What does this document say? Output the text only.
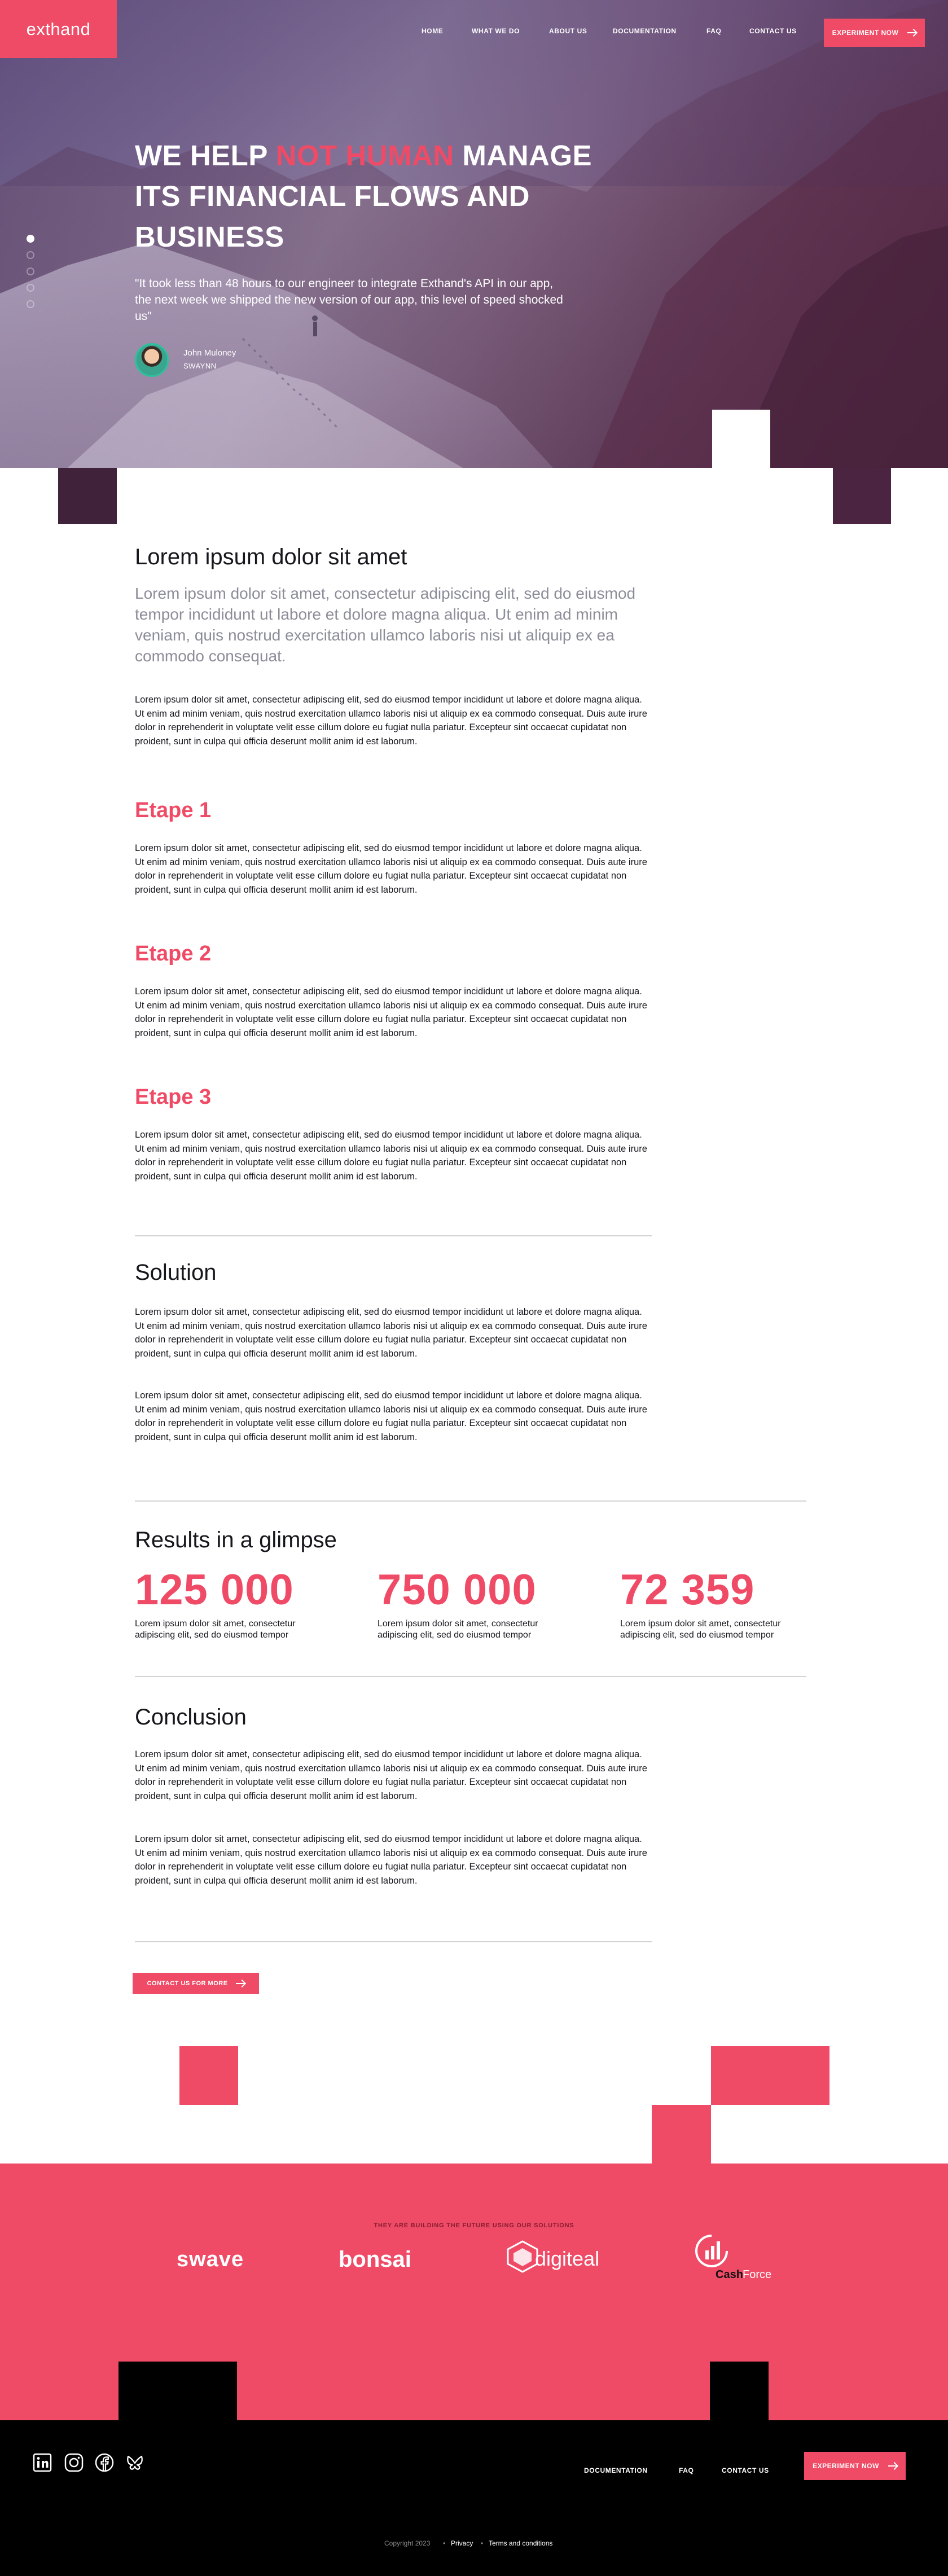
exthand	HOME	WHAT WE DO	ABOUT US	DOCUMENTATION	FAQ	CONTACT US	EXPERIMENT NOW
WE HELP NOT HUMAN MANAGE ITS FINANCIAL FLOWS AND BUSINESS

"It took less than 48 hours to our engineer to integrate Exthand's API in our app, the next week we shipped the new version of our app, this level of speed shocked us"

John Muloney
SWAYNN
Lorem ipsum dolor sit amet

Lorem ipsum dolor sit amet, consectetur adipiscing elit, sed do eiusmod tempor incididunt ut labore et dolore magna aliqua. Ut enim ad minim veniam, quis nostrud exercitation ullamco laboris nisi ut aliquip ex ea commodo consequat.

Lorem ipsum dolor sit amet, consectetur adipiscing elit, sed do eiusmod tempor incididunt ut labore et dolore magna aliqua. Ut enim ad minim veniam, quis nostrud exercitation ullamco laboris nisi ut aliquip ex ea commodo consequat. Duis aute irure dolor in reprehenderit in voluptate velit esse cillum dolore eu fugiat nulla pariatur. Excepteur sint occaecat cupidatat non proident, sunt in culpa qui officia deserunt mollit anim id est laborum.

Etape 1

Lorem ipsum dolor sit amet, consectetur adipiscing elit, sed do eiusmod tempor incididunt ut labore et dolore magna aliqua. Ut enim ad minim veniam, quis nostrud exercitation ullamco laboris nisi ut aliquip ex ea commodo consequat. Duis aute irure dolor in reprehenderit in voluptate velit esse cillum dolore eu fugiat nulla pariatur. Excepteur sint occaecat cupidatat non proident, sunt in culpa qui officia deserunt mollit anim id est laborum.

Etape 2

Lorem ipsum dolor sit amet, consectetur adipiscing elit, sed do eiusmod tempor incididunt ut labore et dolore magna aliqua. Ut enim ad minim veniam, quis nostrud exercitation ullamco laboris nisi ut aliquip ex ea commodo consequat. Duis aute irure dolor in reprehenderit in voluptate velit esse cillum dolore eu fugiat nulla pariatur. Excepteur sint occaecat cupidatat non proident, sunt in culpa qui officia deserunt mollit anim id est laborum.

Etape 3

Lorem ipsum dolor sit amet, consectetur adipiscing elit, sed do eiusmod tempor incididunt ut labore et dolore magna aliqua. Ut enim ad minim veniam, quis nostrud exercitation ullamco laboris nisi ut aliquip ex ea commodo consequat. Duis aute irure dolor in reprehenderit in voluptate velit esse cillum dolore eu fugiat nulla pariatur. Excepteur sint occaecat cupidatat non proident, sunt in culpa qui officia deserunt mollit anim id est laborum.

Solution

Lorem ipsum dolor sit amet, consectetur adipiscing elit, sed do eiusmod tempor incididunt ut labore et dolore magna aliqua. Ut enim ad minim veniam, quis nostrud exercitation ullamco laboris nisi ut aliquip ex ea commodo consequat. Duis aute irure dolor in reprehenderit in voluptate velit esse cillum dolore eu fugiat nulla pariatur. Excepteur sint occaecat cupidatat non proident, sunt in culpa qui officia deserunt mollit anim id est laborum.

Lorem ipsum dolor sit amet, consectetur adipiscing elit, sed do eiusmod tempor incididunt ut labore et dolore magna aliqua. Ut enim ad minim veniam, quis nostrud exercitation ullamco laboris nisi ut aliquip ex ea commodo consequat. Duis aute irure dolor in reprehenderit in voluptate velit esse cillum dolore eu fugiat nulla pariatur. Excepteur sint occaecat cupidatat non proident, sunt in culpa qui officia deserunt mollit anim id est laborum.

Results in a glimpse
125 000
Lorem ipsum dolor sit amet, consectetur adipiscing elit, sed do eiusmod tempor
750 000
Lorem ipsum dolor sit amet, consectetur adipiscing elit, sed do eiusmod tempor
72 359
Lorem ipsum dolor sit amet, consectetur adipiscing elit, sed do eiusmod tempor
Conclusion

Lorem ipsum dolor sit amet, consectetur adipiscing elit, sed do eiusmod tempor incididunt ut labore et dolore magna aliqua. Ut enim ad minim veniam, quis nostrud exercitation ullamco laboris nisi ut aliquip ex ea commodo consequat. Duis aute irure dolor in reprehenderit in voluptate velit esse cillum dolore eu fugiat nulla pariatur. Excepteur sint occaecat cupidatat non proident, sunt in culpa qui officia deserunt mollit anim id est laborum.

Lorem ipsum dolor sit amet, consectetur adipiscing elit, sed do eiusmod tempor incididunt ut labore et dolore magna aliqua. Ut enim ad minim veniam, quis nostrud exercitation ullamco laboris nisi ut aliquip ex ea commodo consequat. Duis aute irure dolor in reprehenderit in voluptate velit esse cillum dolore eu fugiat nulla pariatur. Excepteur sint occaecat cupidatat non proident, sunt in culpa qui officia deserunt mollit anim id est laborum.

CONTACT US FOR MORE
THEY ARE BUILDING THE FUTURE USING OUR SOLUTIONS
swave	bonsai	digiteal
Cash Force
DOCUMENTATION	FAQ	CONTACT US
EXPERIMENT NOW
Copyright 2023 • Privacy • Terms and conditions
